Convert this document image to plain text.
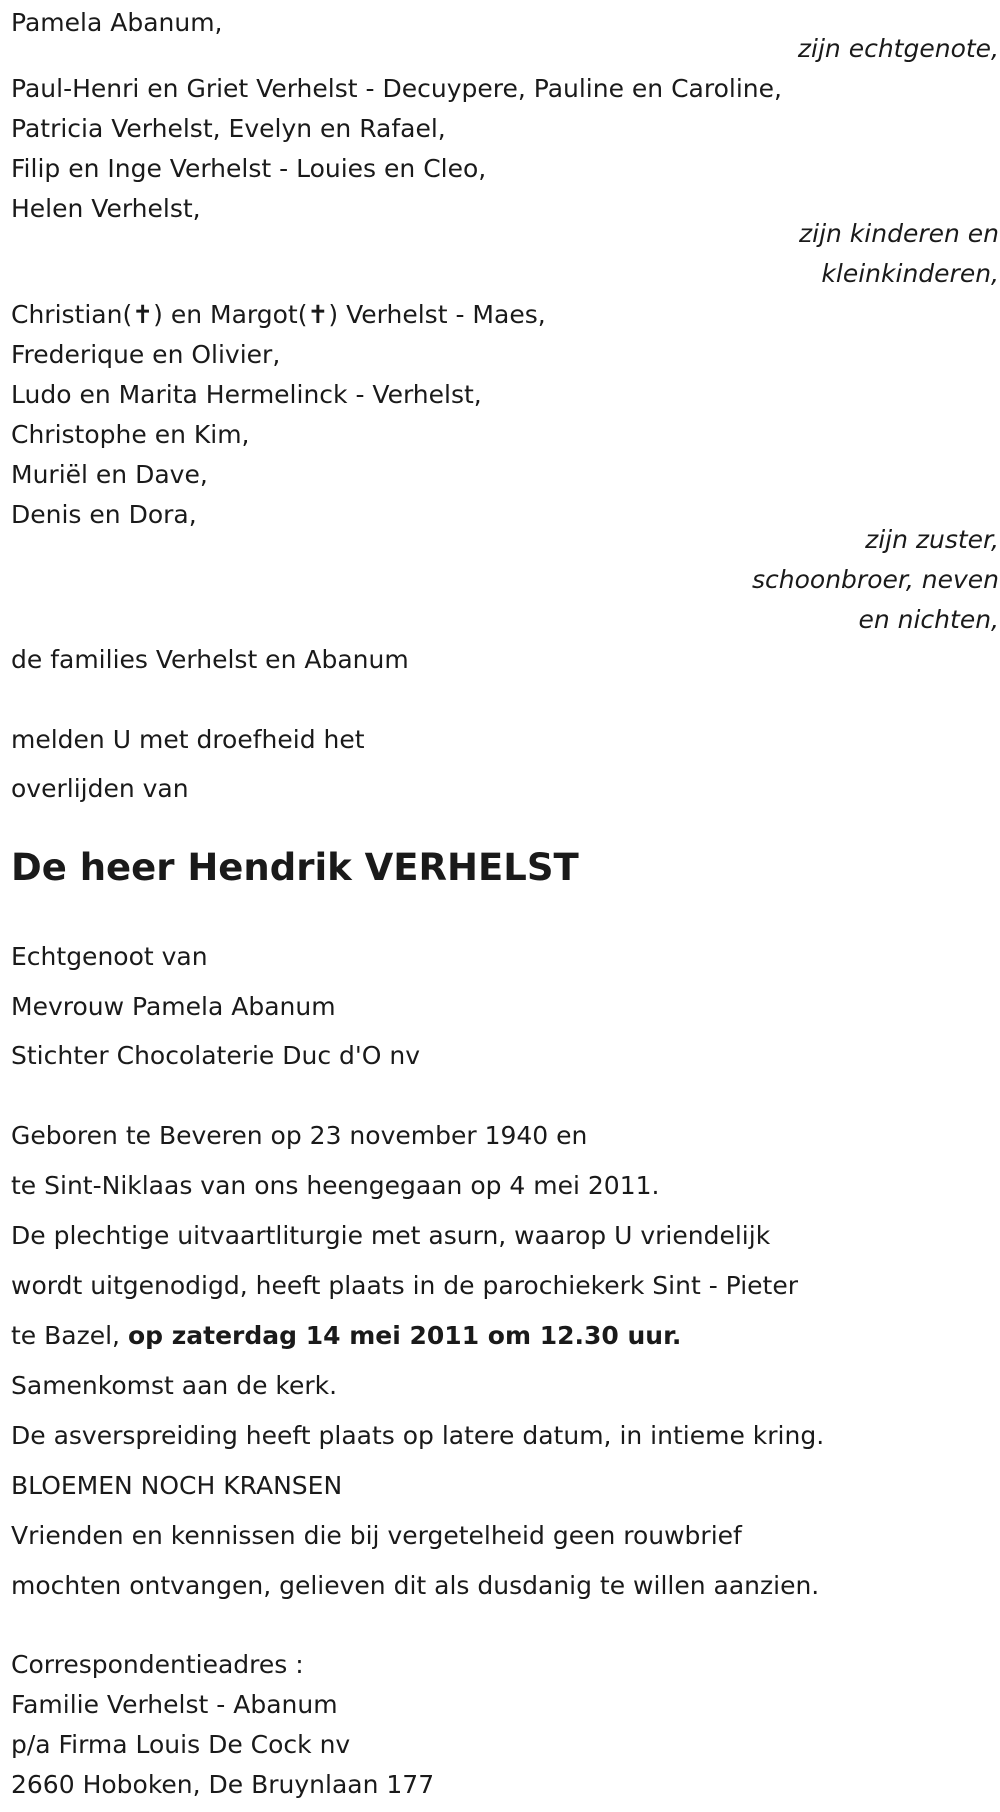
Pamela Abanum,
zijn echtgenote,
Paul-Henri en Griet Verhelst - Decuypere, Pauline en Caroline,
Patricia Verhelst, Evelyn en Rafael,
Filip en Inge Verhelst - Louies en Cleo,
Helen Verhelst,
zijn kinderen en
kleinkinderen,
Christian(✝) en Margot(✝) Verhelst - Maes,
Frederique en Olivier,
Ludo en Marita Hermelinck - Verhelst,
Christophe en Kim,
Muriël en Dave,
Denis en Dora,
zijn zuster,
schoonbroer, neven
en nichten,
de families Verhelst en Abanum
melden U met droefheid het
overlijden van
De heer Hendrik VERHELST
Echtgenoot van
Mevrouw Pamela Abanum
Stichter Chocolaterie Duc d'O nv
Geboren te Beveren op 23 november 1940 en
te Sint-Niklaas van ons heengegaan op 4 mei 2011.
De plechtige uitvaartliturgie met asurn, waarop U vriendelijk
wordt uitgenodigd, heeft plaats in de parochiekerk Sint - Pieter
te Bazel, op zaterdag 14 mei 2011 om 12.30 uur.
Samenkomst aan de kerk.
De asverspreiding heeft plaats op latere datum, in intieme kring.
BLOEMEN NOCH KRANSEN
Vrienden en kennissen die bij vergetelheid geen rouwbrief
mochten ontvangen, gelieven dit als dusdanig te willen aanzien.
Correspondentieadres :
Familie Verhelst - Abanum
p/a Firma Louis De Cock nv
2660 Hoboken, De Bruynlaan 177
